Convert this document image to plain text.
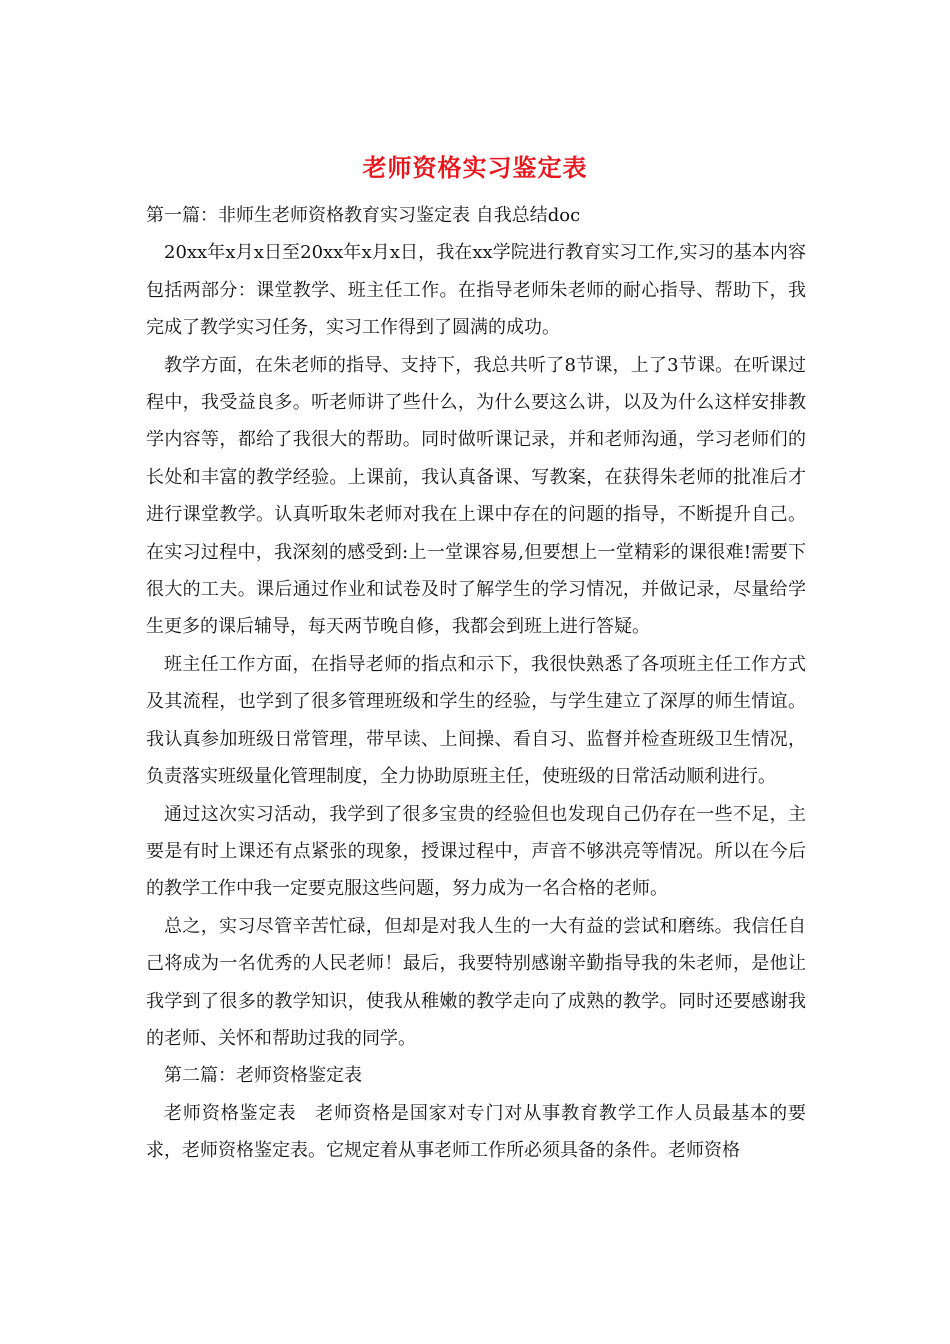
老师资格实习鉴定表

第一篇：非师生老师资格教育实习鉴定表 自我总结doc

20xx年x月x日至20xx年x月x日，我在xx学院进行教育实习工作,实习的基本内容包括两部分：课堂教学、班主任工作。在指导老师朱老师的耐心指导、帮助下，我完成了教学实习任务，实习工作得到了圆满的成功。

教学方面，在朱老师的指导、支持下，我总共听了8节课，上了3节课。在听课过程中，我受益良多。听老师讲了些什么，为什么要这么讲，以及为什么这样安排教学内容等，都给了我很大的帮助。同时做听课记录，并和老师沟通，学习老师们的长处和丰富的教学经验。上课前，我认真备课、写教案，在获得朱老师的批准后才进行课堂教学。认真听取朱老师对我在上课中存在的问题的指导，不断提升自己。在实习过程中，我深刻的感受到:上一堂课容易,但要想上一堂精彩的课很难!需要下很大的工夫。课后通过作业和试卷及时了解学生的学习情况，并做记录，尽量给学生更多的课后辅导，每天两节晚自修，我都会到班上进行答疑。

班主任工作方面，在指导老师的指点和示下，我很快熟悉了各项班主任工作方式及其流程，也学到了很多管理班级和学生的经验，与学生建立了深厚的师生情谊。我认真参加班级日常管理，带早读、上间操、看自习、监督并检查班级卫生情况，负责落实班级量化管理制度，全力协助原班主任，使班级的日常活动顺利进行。

通过这次实习活动，我学到了很多宝贵的经验但也发现自己仍存在一些不足，主要是有时上课还有点紧张的现象，授课过程中，声音不够洪亮等情况。所以在今后的教学工作中我一定要克服这些问题，努力成为一名合格的老师。

总之，实习尽管辛苦忙碌，但却是对我人生的一大有益的尝试和磨练。我信任自己将成为一名优秀的人民老师！最后，我要特别感谢辛勤指导我的朱老师，是他让我学到了很多的教学知识，使我从稚嫩的教学走向了成熟的教学。同时还要感谢我的老师、关怀和帮助过我的同学。

第二篇：老师资格鉴定表

老师资格鉴定表　老师资格是国家对专门对从事教育教学工作人员最基本的要求，老师资格鉴定表。它规定着从事老师工作所必须具备的条件。老师资格
